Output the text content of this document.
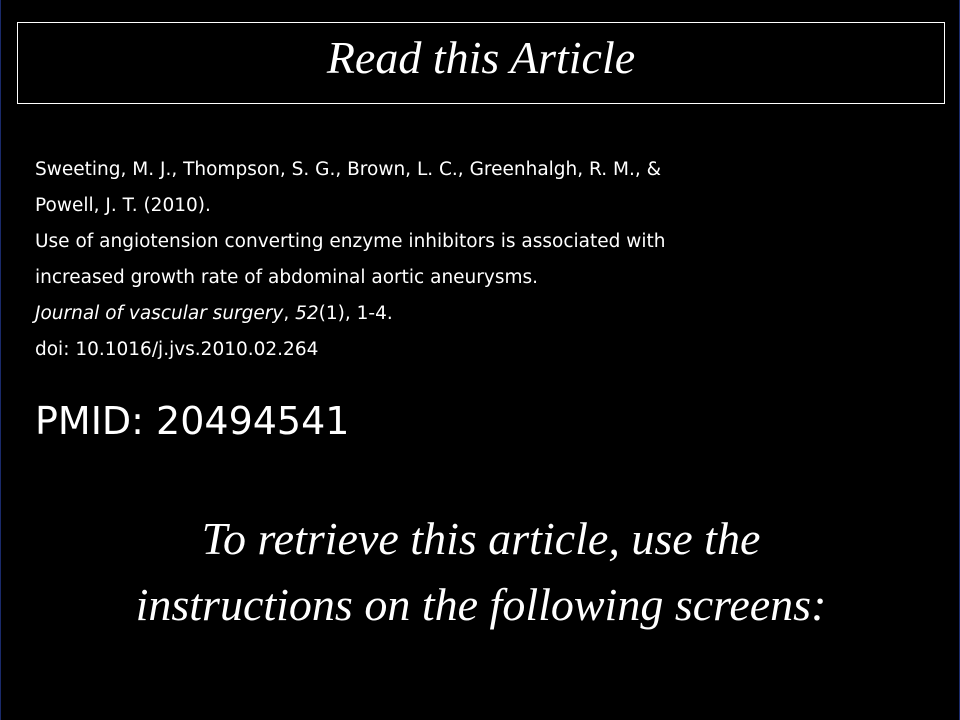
Read this Article
Sweeting, M. J., Thompson, S. G., Brown, L. C., Greenhalgh, R. M., &
Powell, J. T. (2010).
Use of angiotension converting enzyme inhibitors is associated with
increased growth rate of abdominal aortic aneurysms.
Journal of vascular surgery, 52(1), 1-4.
doi: 10.1016/j.jvs.2010.02.264
PMID: 20494541
To retrieve this article, use the
instructions on the following screens:
